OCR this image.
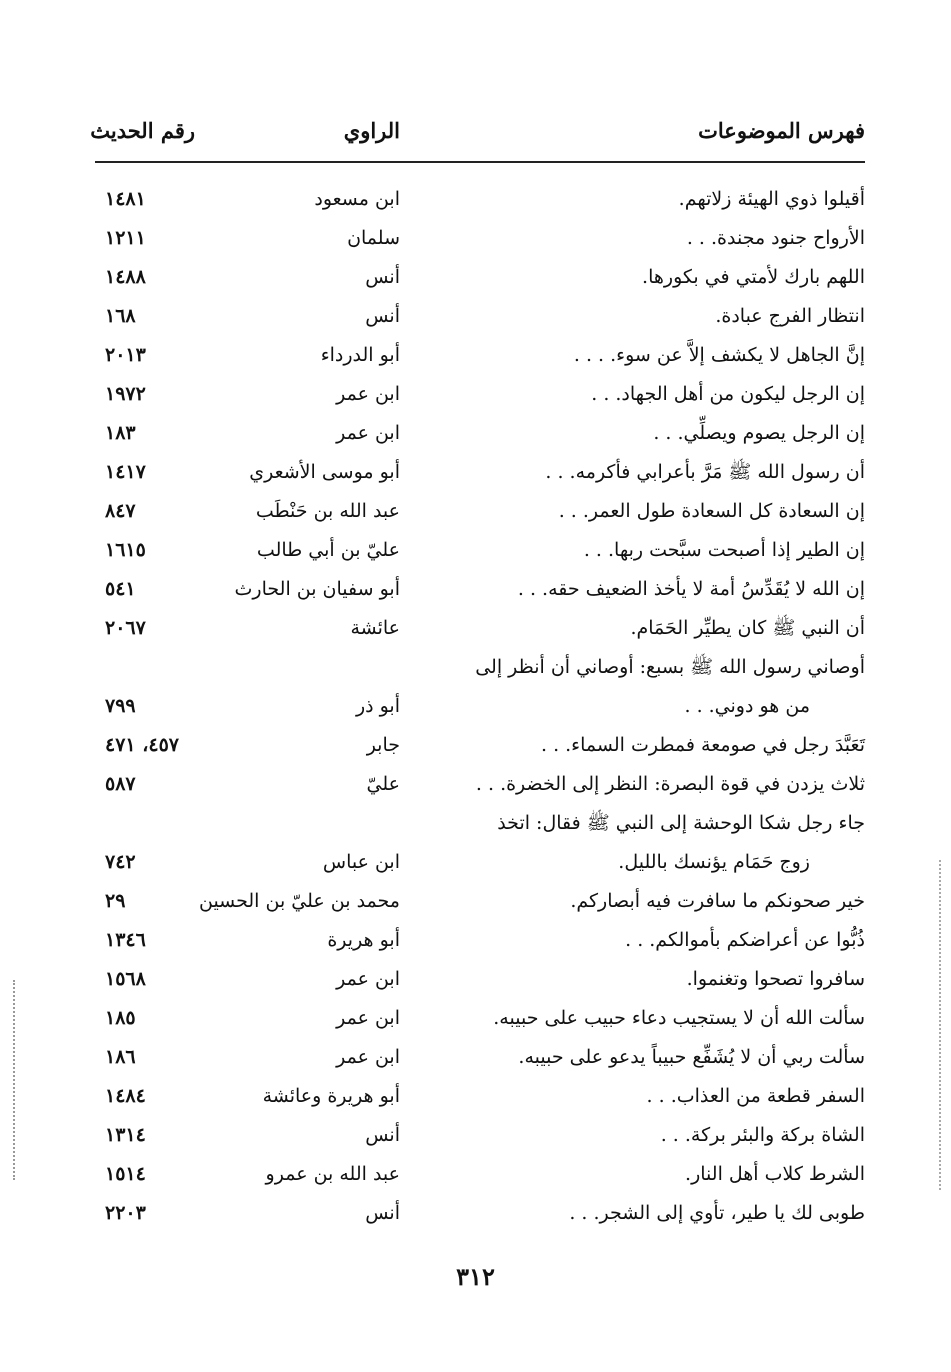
فهرس الموضوعات
الراوي
رقم الحديث
أقيلوا ذوي الهيئة زلاتهم.
ابن مسعود
١٤٨١
الأرواح جنود مجندة. . .
سلمان
١٢١١
اللهم بارك لأمتي في بكورها.
أنس
١٤٨٨
انتظار الفرج عبادة.
أنس
١٦٨
إنَّ الجاهل لا يكشف إلاَّ عن سوء. . . .
أبو الدرداء
٢٠١٣
إن الرجل ليكون من أهل الجهاد. . .
ابن عمر
١٩٧٢
إن الرجل يصوم ويصلِّي. . .
ابن عمر
١٨٣
أن رسول الله ﷺ مَرَّ بأعرابي فأكرمه. . .
أبو موسى الأشعري
١٤١٧
إن السعادة كل السعادة طول العمر. . .
عبد الله بن حَنْطَب
٨٤٧
إن الطير إذا أصبحت سبَّحت ربها. . .
عليّ بن أبي طالب
١٦١٥
إن الله لا يُقَدِّسُ أمة لا يأخذ الضعيف حقه. . .
أبو سفيان بن الحارث
٥٤١
أن النبي ﷺ كان يطيِّر الحَمَام.
عائشة
٢٠٦٧
أوصاني رسول الله ﷺ بسبع: أوصاني أن أنظر إلى
من هو دوني. . .
أبو ذر
٧٩٩
تَعَبَّدَ رجل في صومعة فمطرت السماء. . .
جابر
٤٥٧، ٤٧١
ثلاث يزدن في قوة البصرة: النظر إلى الخضرة. . .
عليّ
٥٨٧
جاء رجل شكا الوحشة إلى النبي ﷺ فقال: اتخذ
زوج حَمَام يؤنسك بالليل.
ابن عباس
٧٤٢
خير صحونكم ما سافرت فيه أبصاركم.
محمد بن عليّ بن الحسين
٢٩
ذُبُّوا عن أعراضكم بأموالكم. . .
أبو هريرة
١٣٤٦
سافروا تصحوا وتغنموا.
ابن عمر
١٥٦٨
سألت الله أن لا يستجيب دعاء حبيب على حبيبه.
ابن عمر
١٨٥
سألت ربي أن لا يُشَفِّع حبيباً يدعو على حبيبه.
ابن عمر
١٨٦
السفر قطعة من العذاب. . .
أبو هريرة وعائشة
١٤٨٤
الشاة بركة والبئر بركة. . .
أنس
١٣١٤
الشرط كلاب أهل النار.
عبد الله بن عمرو
١٥١٤
طوبى لك يا طير، تأوي إلى الشجر. . .
أنس
٢٢٠٣
٣١٢
